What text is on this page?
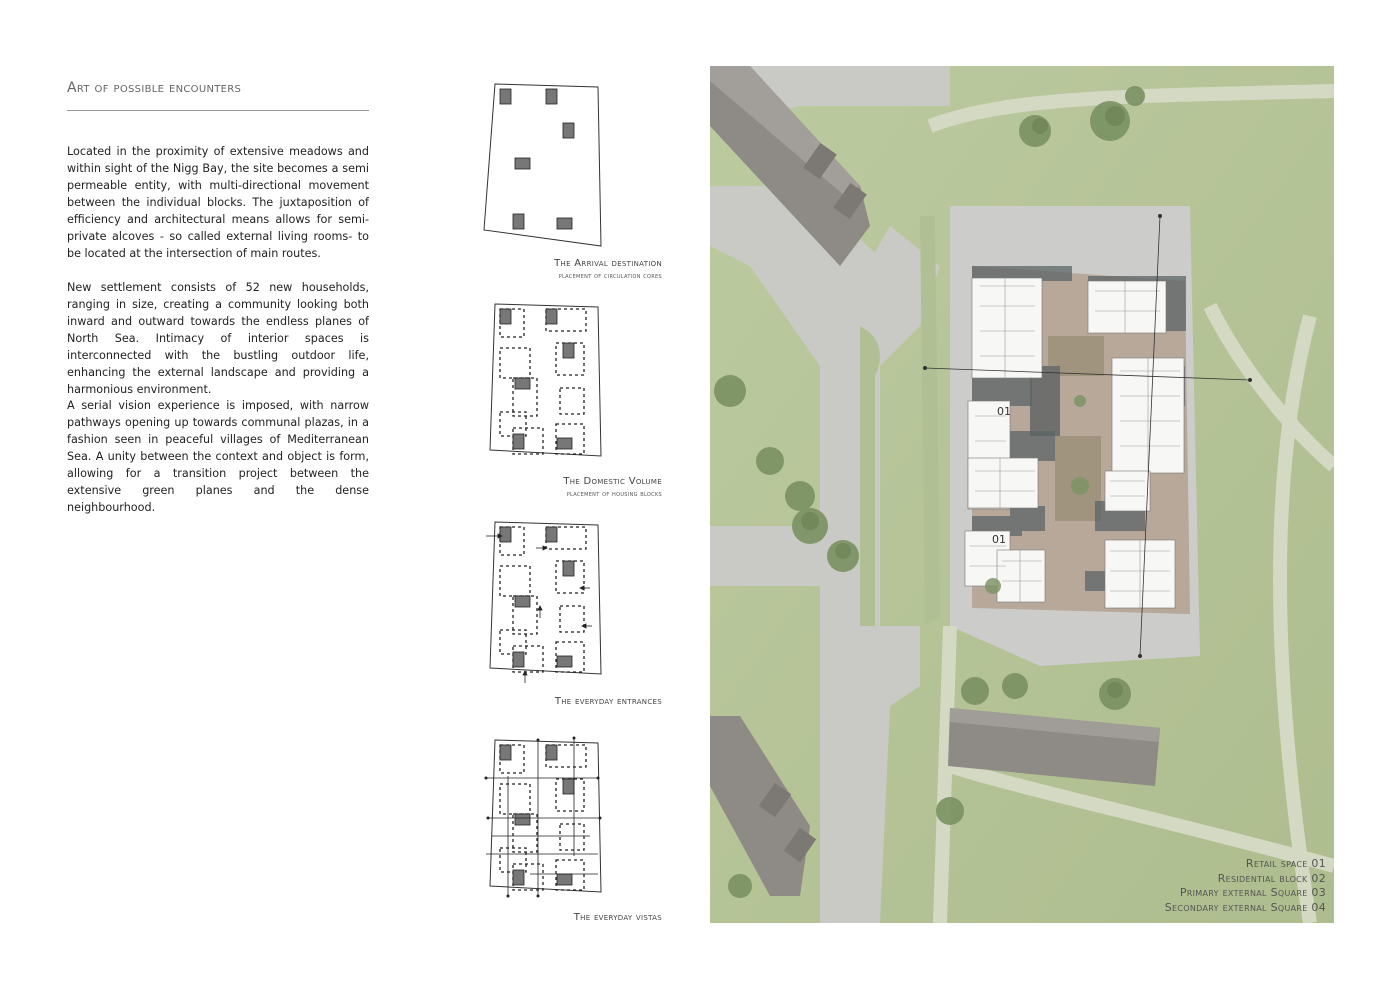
Art of possible encounters
Located in the proximity of extensive meadows and within sight of the Nigg Bay, the site becomes a semi permeable entity, with multi-directional movement between the individual blocks. The juxtaposition of efficiency and architectural means allows for semi-private alcoves - so called external living rooms- to be located at the intersection of main routes.
New settlement consists of 52 new households, ranging in size, creating a community looking both inward and outward towards the endless planes of North Sea. Intimacy of interior spaces is interconnected with the bustling outdoor life, enhancing the external landscape and providing a harmonious environment.
A serial vision experience is imposed, with narrow pathways opening up towards communal plazas, in a fashion seen in peaceful villages of Mediterranean Sea. A unity between the context and object is form, allowing for a transition project between the extensive green planes and the dense neighbourhood.
The Arrival destination
placement of circulation cores
The Domestic Volume
placement of housing blocks
The everyday entrances
The everyday vistas
01
01
Retail space 01
Residential block 02
Primary external Square 03
Secondary external Square 04
